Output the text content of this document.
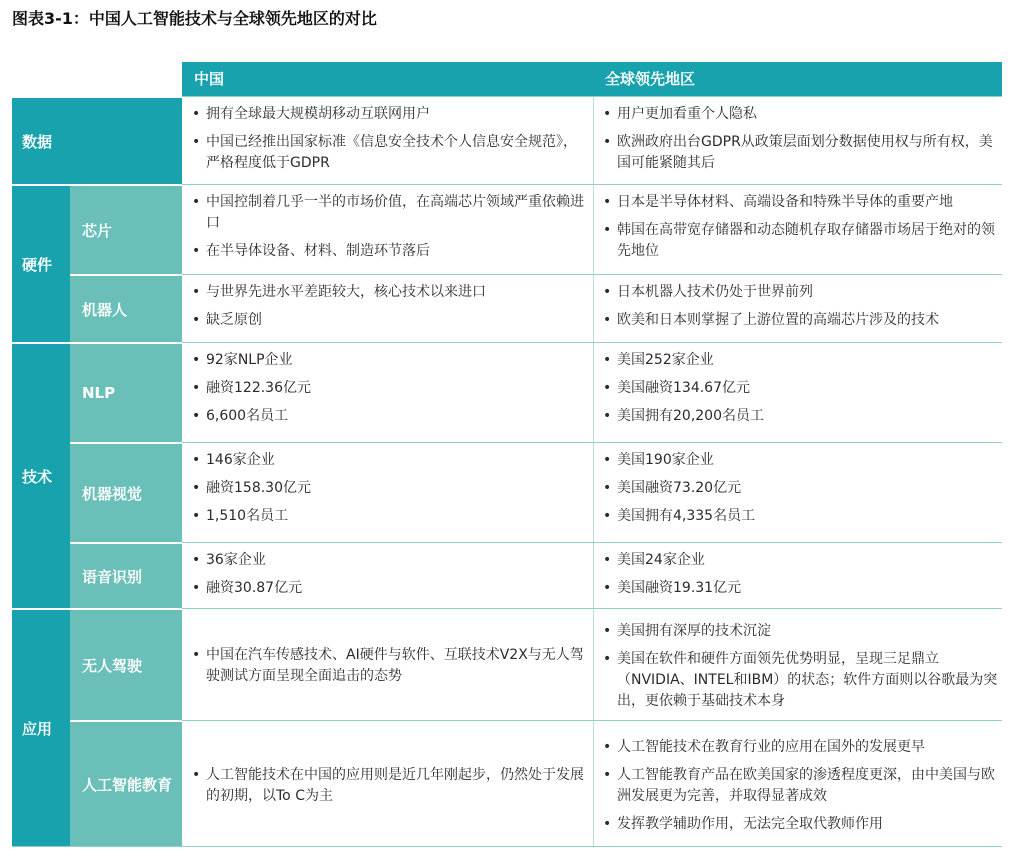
图表3-1：中国人工智能技术与全球领先地区的对比
中国	全球领先地区
数据
硬件
技术
应用
芯片
机器人
NLP
机器视觉
语音识别
无人驾驶
人工智能教育
• 拥有全球最大规模胡移动互联网用户
• 中国已经推出国家标准《信息安全技术个人信息安全规范》，严格程度低于GDPR
• 用户更加看重个人隐私
• 欧洲政府出台GDPR从政策层面划分数据使用权与所有权，美国可能紧随其后
• 中国控制着几乎一半的市场价值，在高端芯片领域严重依赖进口
• 在半导体设备、材料、制造环节落后
• 日本是半导体材料、高端设备和特殊半导体的重要产地
• 韩国在高带宽存储器和动态随机存取存储器市场居于绝对的领先地位
• 与世界先进水平差距较大，核心技术以来进口
• 缺乏原创
• 日本机器人技术仍处于世界前列
• 欧美和日本则掌握了上游位置的高端芯片涉及的技术
• 92家NLP企业
• 融资122.36亿元
• 6,600名员工
• 美国252家企业
• 美国融资134.67亿元
• 美国拥有20,200名员工
• 146家企业
• 融资158.30亿元
• 1,510名员工
• 美国190家企业
• 美国融资73.20亿元
• 美国拥有4,335名员工
• 36家企业
• 融资30.87亿元
• 美国24家企业
• 美国融资19.31亿元
• 中国在汽车传感技术、AI硬件与软件、互联技术V2X与无人驾驶测试方面呈现全面追击的态势
• 美国拥有深厚的技术沉淀
• 美国在软件和硬件方面领先优势明显，呈现三足鼎立（NVIDIA、INTEL和IBM）的状态；软件方面则以谷歌最为突出，更依赖于基础技术本身
• 人工智能技术在中国的应用则是近几年刚起步，仍然处于发展的初期，以To C为主
• 人工智能技术在教育行业的应用在国外的发展更早
• 人工智能教育产品在欧美国家的渗透程度更深，由中美国与欧洲发展更为完善，并取得显著成效
• 发挥教学辅助作用，无法完全取代教师作用
